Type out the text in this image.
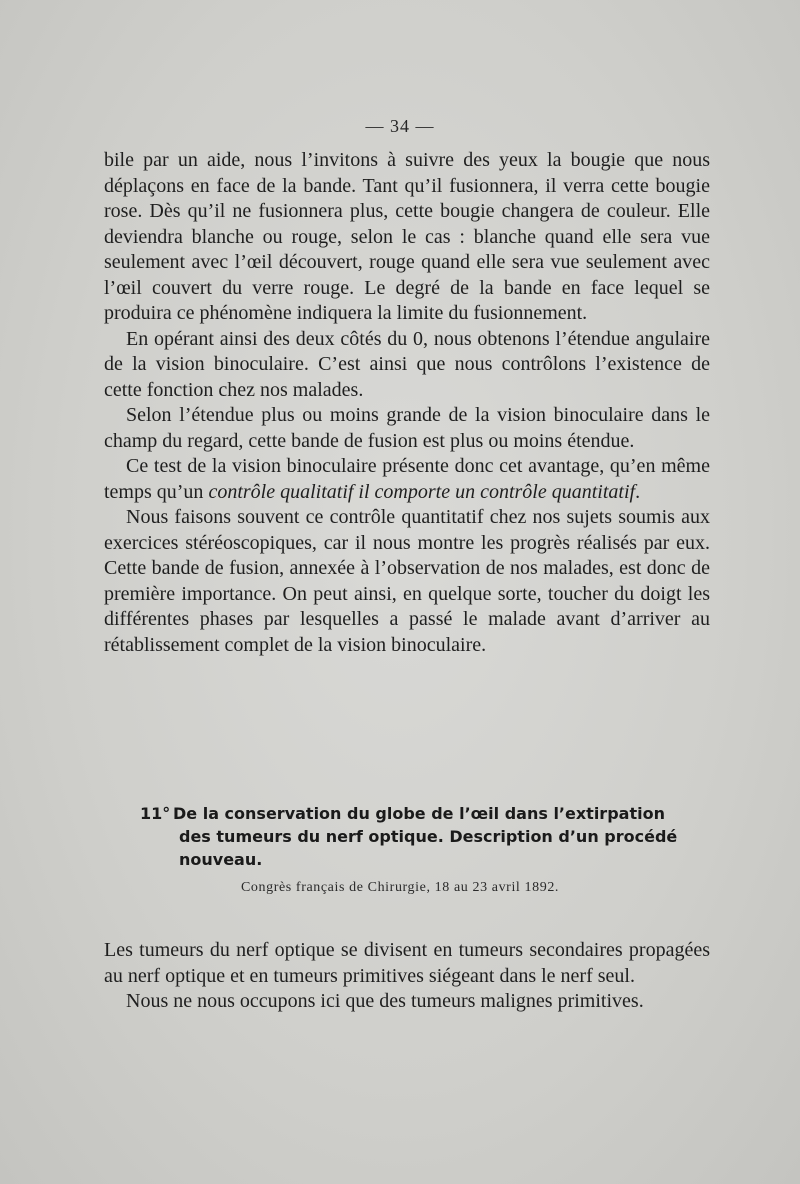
— 34 —

bile par un aide, nous l’invitons à suivre des yeux la bougie que nous déplaçons en face de la bande. Tant qu’il fusionnera, il verra cette bougie rose. Dès qu’il ne fusionnera plus, cette bougie changera de couleur. Elle deviendra blanche ou rouge, selon le cas : blanche quand elle sera vue seulement avec l’œil découvert, rouge quand elle sera vue seulement avec l’œil couvert du verre rouge. Le degré de la bande en face lequel se produira ce phénomène indiquera la limite du fusionnement.

En opérant ainsi des deux côtés du 0, nous obtenons l’étendue angulaire de la vision binoculaire. C’est ainsi que nous contrôlons l’existence de cette fonction chez nos malades.

Selon l’étendue plus ou moins grande de la vision binoculaire dans le champ du regard, cette bande de fusion est plus ou moins étendue.

Ce test de la vision binoculaire présente donc cet avantage, qu’en même temps qu’un contrôle qualitatif il comporte un contrôle quantitatif.

Nous faisons souvent ce contrôle quantitatif chez nos sujets soumis aux exercices stéréoscopiques, car il nous montre les progrès réalisés par eux. Cette bande de fusion, annexée à l’observation de nos malades, est donc de première importance. On peut ainsi, en quelque sorte, toucher du doigt les différentes phases par lesquelles a passé le malade avant d’arriver au rétablissement complet de la vision binoculaire.

11° De la conservation du globe de l’œil dans l’extirpation
des tumeurs du nerf optique. Description d’un procédé
nouveau.
Congrès français de Chirurgie, 18 au 23 avril 1892.

Les tumeurs du nerf optique se divisent en tumeurs secondaires propagées au nerf optique et en tumeurs primitives siégeant dans le nerf seul.

Nous ne nous occupons ici que des tumeurs malignes primitives.
